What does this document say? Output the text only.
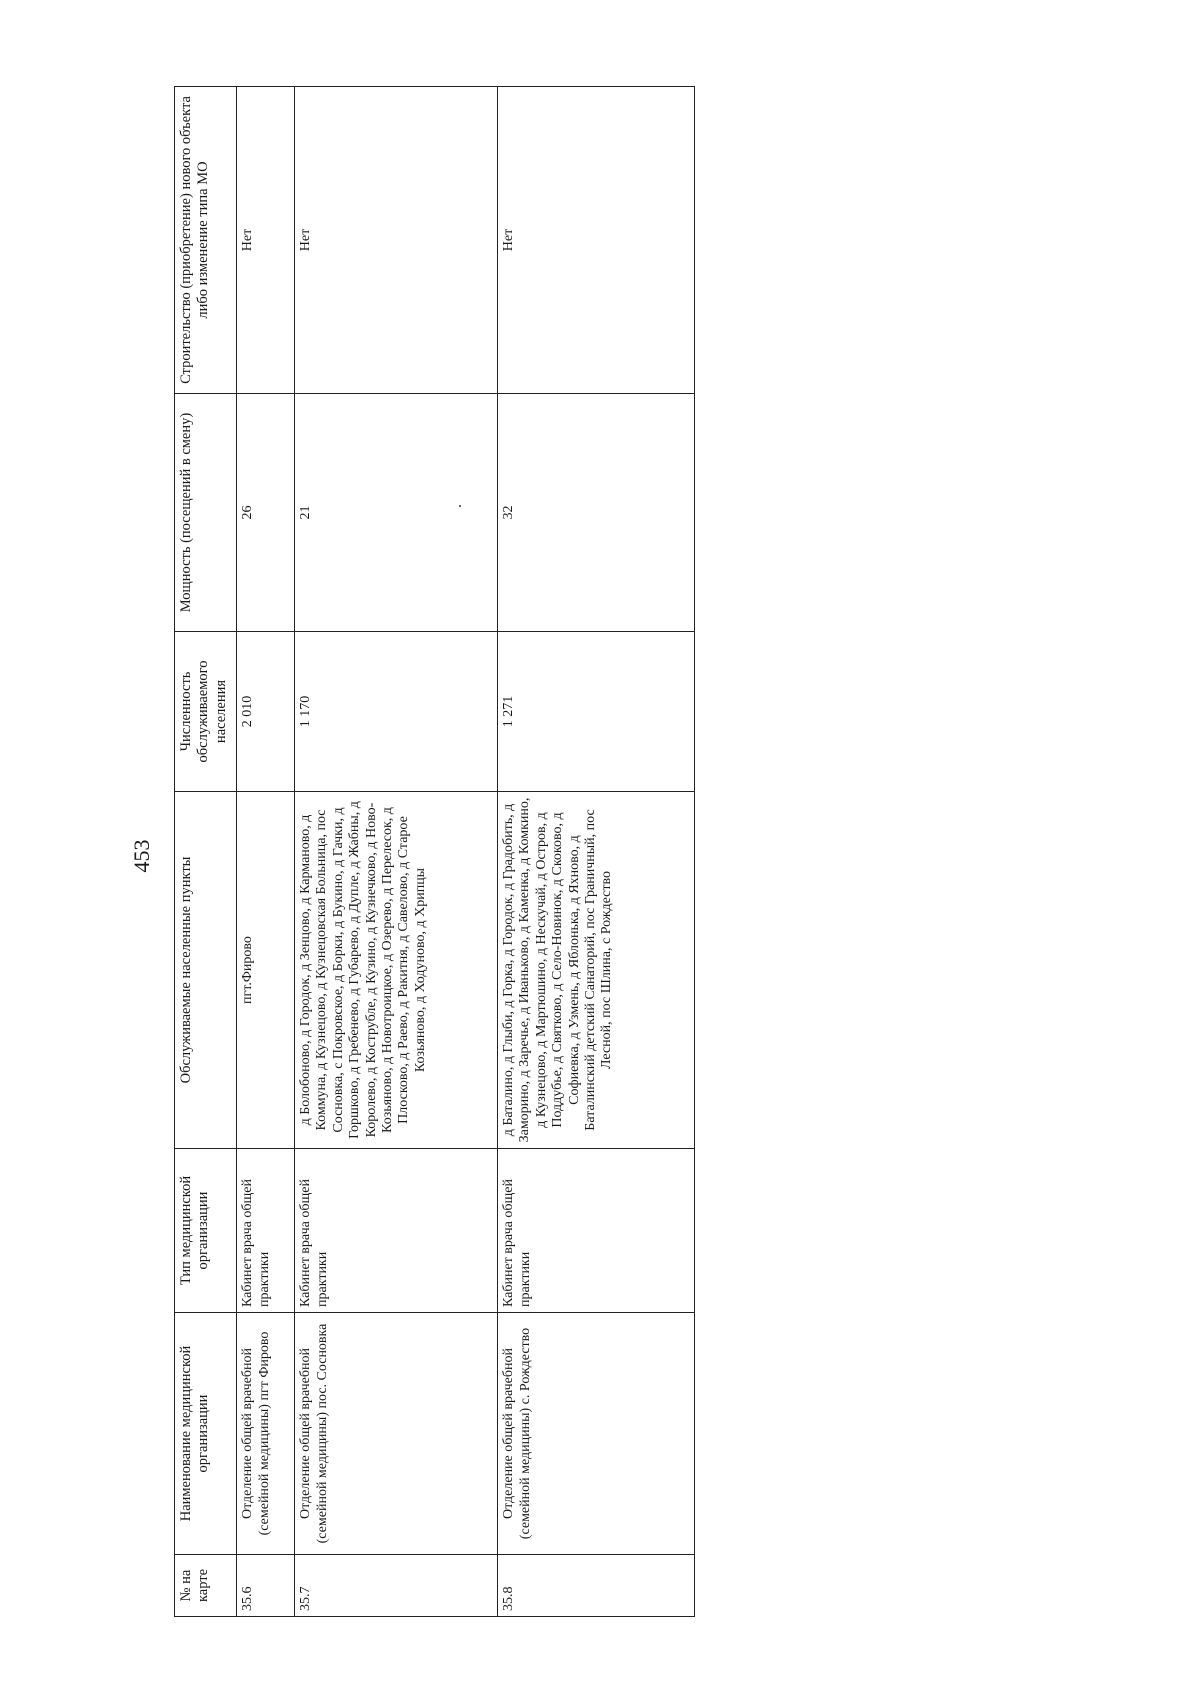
453
№ на карте	Наименование медицинской организации	Тип медицинской организации	Обслуживаемые населенные пункты	Численность обслуживаемого населения	Мощность (посещений в смену)	Строительство (приобретение) нового объекта либо изменение типа МО
35.6	Отделение общей врачебной (семейной медицины) пгт Фирово	Кабинет врача общей практики	пгт.Фирово	2 010	26	Нет
35.7	Отделение общей врачебной (семейной медицины) пос. Сосновка	Кабинет врача общей практики	д Болобоново, д Городок, д Зенцово, д Карманово, д Коммуна, д Кузнецово, д Кузнецовская Больница, пос Сосновка, с Покровское, д Борки, д Букино, д Гачки, д Горшково, д Гребенево, д Губарево, д Дупле, д Жабны, д Королево, д Кострубле, д Кузино, д Кузнечково, д Ново-Козьяново, д Новотроицкое, д Озерево, д Перелесок, д Плосково, д Раево, д Ракитня, д Савелово, д Старое Козьяново, д Ходуново, д Хрипцы	1 170	21	Нет
35.8	Отделение общей врачебной (семейной медицины) с. Рождество	Кабинет врача общей практики	д Баталино, д Глыби, д Горка, д Городок, д Градобить, д Заморино, д Заречье, д Иваньково, д Каменка, д Комкино, д Кузнецово, д Мартюшино, д Нескучай, д Остров, д Поддубье, д Святково, д Село-Новинок, д Скоково, д Софиевка, д Узмень, д Яблонька, д Яхново, д Баталинский детский Санаторий, пос Граничный, пос Лесной, пос Шлина, с Рождество	1 271	32	Нет
